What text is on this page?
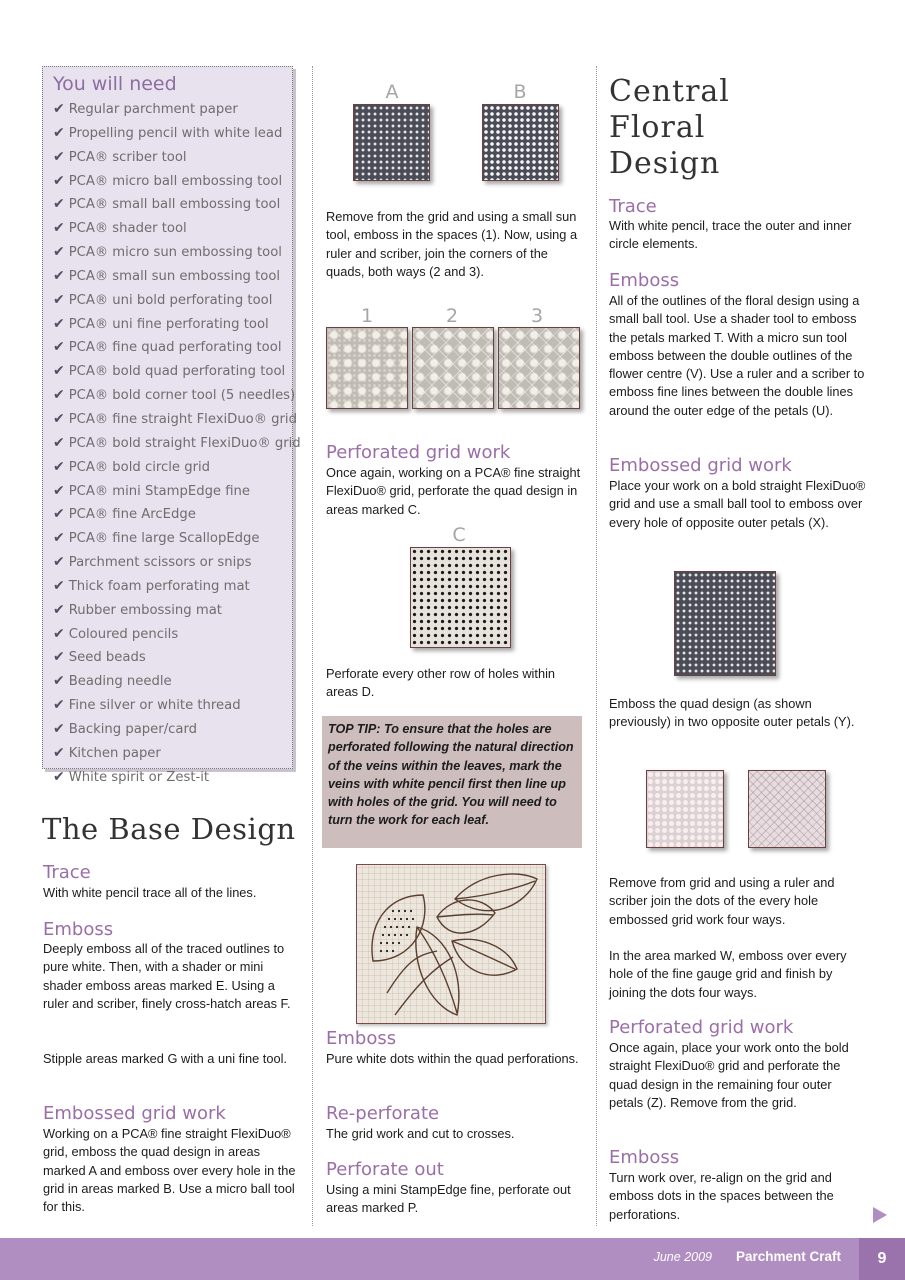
You will need
✔ Regular parchment paper
✔ Propelling pencil with white lead
✔ PCA® scriber tool
✔ PCA® micro ball embossing tool
✔ PCA® small ball embossing tool
✔ PCA® shader tool
✔ PCA® micro sun embossing tool
✔ PCA® small sun embossing tool
✔ PCA® uni bold perforating tool
✔ PCA® uni fine perforating tool
✔ PCA® fine quad perforating tool
✔ PCA® bold quad perforating tool
✔ PCA® bold corner tool (5 needles)
✔ PCA® fine straight FlexiDuo® grid
✔ PCA® bold straight FlexiDuo® grid
✔ PCA® bold circle grid
✔ PCA® mini StampEdge fine
✔ PCA® fine ArcEdge
✔ PCA® fine large ScallopEdge
✔ Parchment scissors or snips
✔ Thick foam perforating mat
✔ Rubber embossing mat
✔ Coloured pencils
✔ Seed beads
✔ Beading needle
✔ Fine silver or white thread
✔ Backing paper/card
✔ Kitchen paper
✔ White spirit or Zest-it
The Base Design
Trace
With white pencil trace all of the lines.
Emboss
Deeply emboss all of the traced outlines to pure white. Then, with a shader or mini shader emboss areas marked E. Using a ruler and scriber, finely cross-hatch areas F.
Stipple areas marked G with a uni fine tool.
Embossed grid work
Working on a PCA® fine straight FlexiDuo® grid, emboss the quad design in areas marked A and emboss over every hole in the grid in areas marked B. Use a micro ball tool for this.
A	B
Remove from the grid and using a small sun tool, emboss in the spaces (1). Now, using a ruler and scriber, join the corners of the quads, both ways (2 and 3).
1	2	3
Perforated grid work
Once again, working on a PCA® fine straight FlexiDuo® grid, perforate the quad design in areas marked C.
C
Perforate every other row of holes within areas D.
TOP TIP: To ensure that the holes are perforated following the natural direction of the veins within the leaves, mark the veins with white pencil first then line up with holes of the grid. You will need to turn the work for each leaf.
Emboss
Pure white dots within the quad perforations.
Re-perforate
The grid work and cut to crosses.
Perforate out
Using a mini StampEdge fine, perforate out areas marked P.
Central
Floral
Design
Trace
With white pencil, trace the outer and inner circle elements.
Emboss
All of the outlines of the floral design using a small ball tool. Use a shader tool to emboss the petals marked T. With a micro sun tool emboss between the double outlines of the flower centre (V). Use a ruler and a scriber to emboss fine lines between the double lines around the outer edge of the petals (U).
Embossed grid work
Place your work on a bold straight FlexiDuo® grid and use a small ball tool to emboss over every hole of opposite outer petals (X).
Emboss the quad design (as shown previously) in two opposite outer petals (Y).
Remove from grid and using a ruler and scriber join the dots of the every hole embossed grid work four ways.
In the area marked W, emboss over every hole of the fine gauge grid and finish by joining the dots four ways.
Perforated grid work
Once again, place your work onto the bold straight FlexiDuo® grid and perforate the quad design in the remaining four outer petals (Z). Remove from the grid.
Emboss
Turn work over, re-align on the grid and emboss dots in the spaces between the perforations.
June 2009 Parchment Craft	9
